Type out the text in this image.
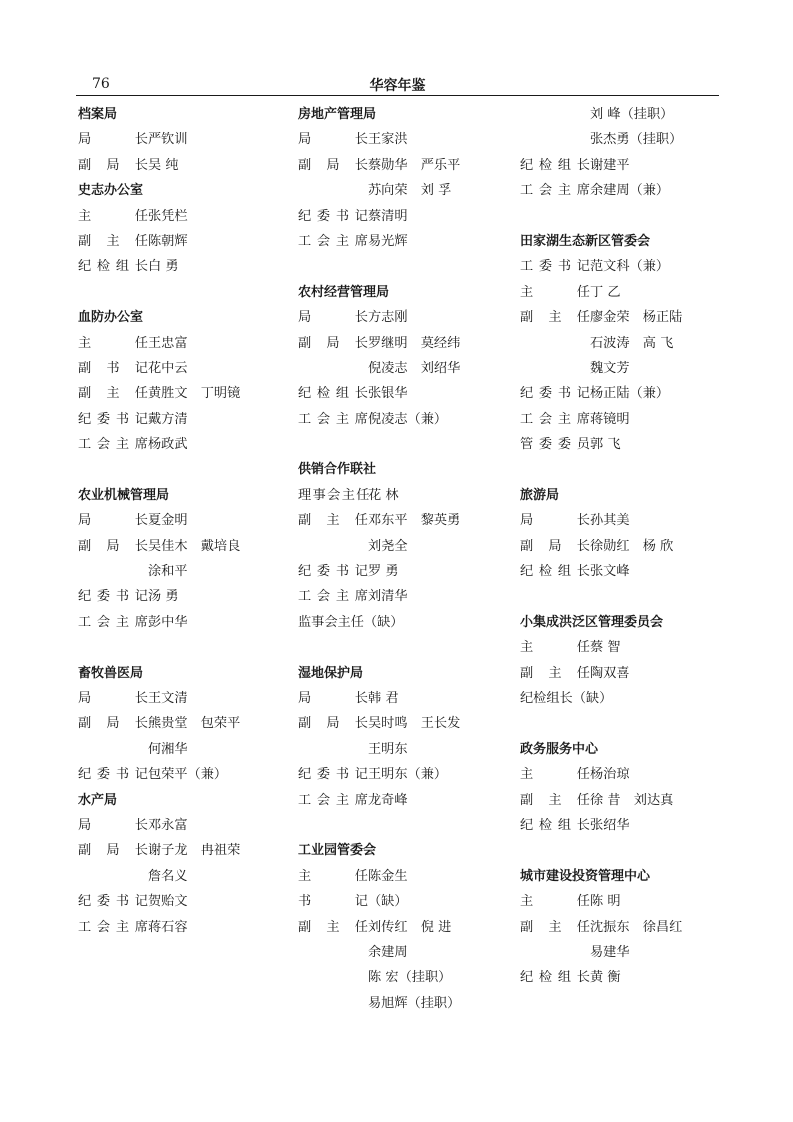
76	华容年鉴
档案局
局长严钦训
副局长吴 纯
史志办公室
主任张凭栏
副主任陈朝辉
纪检组长白 勇
血防办公室
主任王忠富
副书记花中云
副主任黄胜文　丁明镜
纪委书记戴方清
工会主席杨政武
农业机械管理局
局长夏金明
副局长吴佳木　戴培良
涂和平
纪委书记汤 勇
工会主席彭中华
畜牧兽医局
局长王文清
副局长熊贵堂　包荣平
何湘华
纪委书记包荣平（兼）
水产局
局长邓永富
副局长谢子龙　冉祖荣
詹名义
纪委书记贺贻文
工会主席蒋石容
房地产管理局
局长王家洪
副局长蔡勋华　严乐平
苏向荣　刘 孚
纪委书记蔡清明
工会主席易光辉
农村经营管理局
局长方志刚
副局长罗继明　莫经纬
倪凌志　刘绍华
纪检组长张银华
工会主席倪凌志（兼）
供销合作联社
理事会主任花 林
副主任邓东平　黎英勇
刘尧全
纪委书记罗 勇
工会主席刘清华
监事会主任（缺）
湿地保护局
局长韩 君
副局长吴时鸣　王长发
王明东
纪委书记王明东（兼）
工会主席龙奇峰
工业园管委会
主任陈金生
书记（缺）
副主任刘传红　倪 进
余建周
陈 宏（挂职）
易旭辉（挂职）
刘 峰（挂职）
张杰勇（挂职）
纪检组长谢建平
工会主席余建周（兼）
田家湖生态新区管委会
工委书记范文科（兼）
主任丁 乙
副主任廖金荣　杨正陆
石波涛　高 飞
魏文芳
纪委书记杨正陆（兼）
工会主席蒋镜明
管委委员郭 飞
旅游局
局长孙其美
副局长徐勋红　杨 欣
纪检组长张文峰
小集成洪泛区管理委员会
主任蔡 智
副主任陶双喜
纪检组长（缺）
政务服务中心
主任杨治琼
副主任徐 昔　刘达真
纪检组长张绍华
城市建设投资管理中心
主任陈 明
副主任沈振东　徐昌红
易建华
纪检组长黄 衡
